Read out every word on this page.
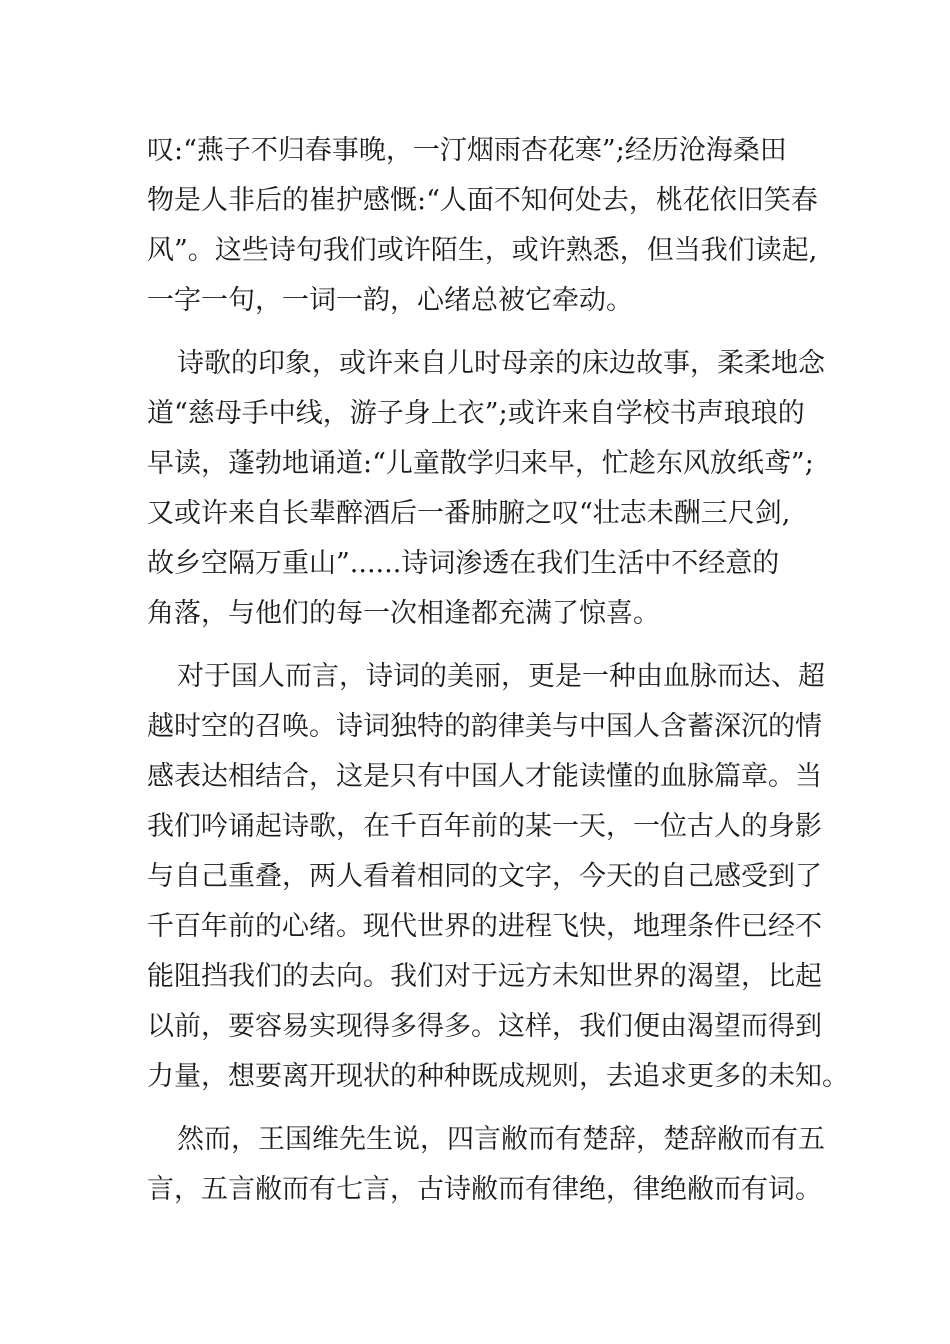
叹:“燕子不归春事晚，一汀烟雨杏花寒”;经历沧海桑田
物是人非后的崔护感慨:“人面不知何处去，桃花依旧笑春
风”。这些诗句我们或许陌生，或许熟悉，但当我们读起,
一字一句，一词一韵，心绪总被它牵动。
诗歌的印象，或许来自儿时母亲的床边故事，柔柔地念
道“慈母手中线，游子身上衣”;或许来自学校书声琅琅的
早读，蓬勃地诵道:“儿童散学归来早，忙趁东风放纸鸢”;
又或许来自长辈醉酒后一番肺腑之叹“壮志未酬三尺剑,
故乡空隔万重山”......诗词渗透在我们生活中不经意的
角落，与他们的每一次相逢都充满了惊喜。
对于国人而言，诗词的美丽，更是一种由血脉而达、超
越时空的召唤。诗词独特的韵律美与中国人含蓄深沉的情
感表达相结合，这是只有中国人才能读懂的血脉篇章。当
我们吟诵起诗歌，在千百年前的某一天，一位古人的身影
与自己重叠，两人看着相同的文字，今天的自己感受到了
千百年前的心绪。现代世界的进程飞快，地理条件已经不
能阻挡我们的去向。我们对于远方未知世界的渴望，比起
以前，要容易实现得多得多。这样，我们便由渴望而得到
力量，想要离开现状的种种既成规则，去追求更多的未知。
然而，王国维先生说，四言敝而有楚辞，楚辞敝而有五
言，五言敝而有七言，古诗敝而有律绝，律绝敝而有词。
